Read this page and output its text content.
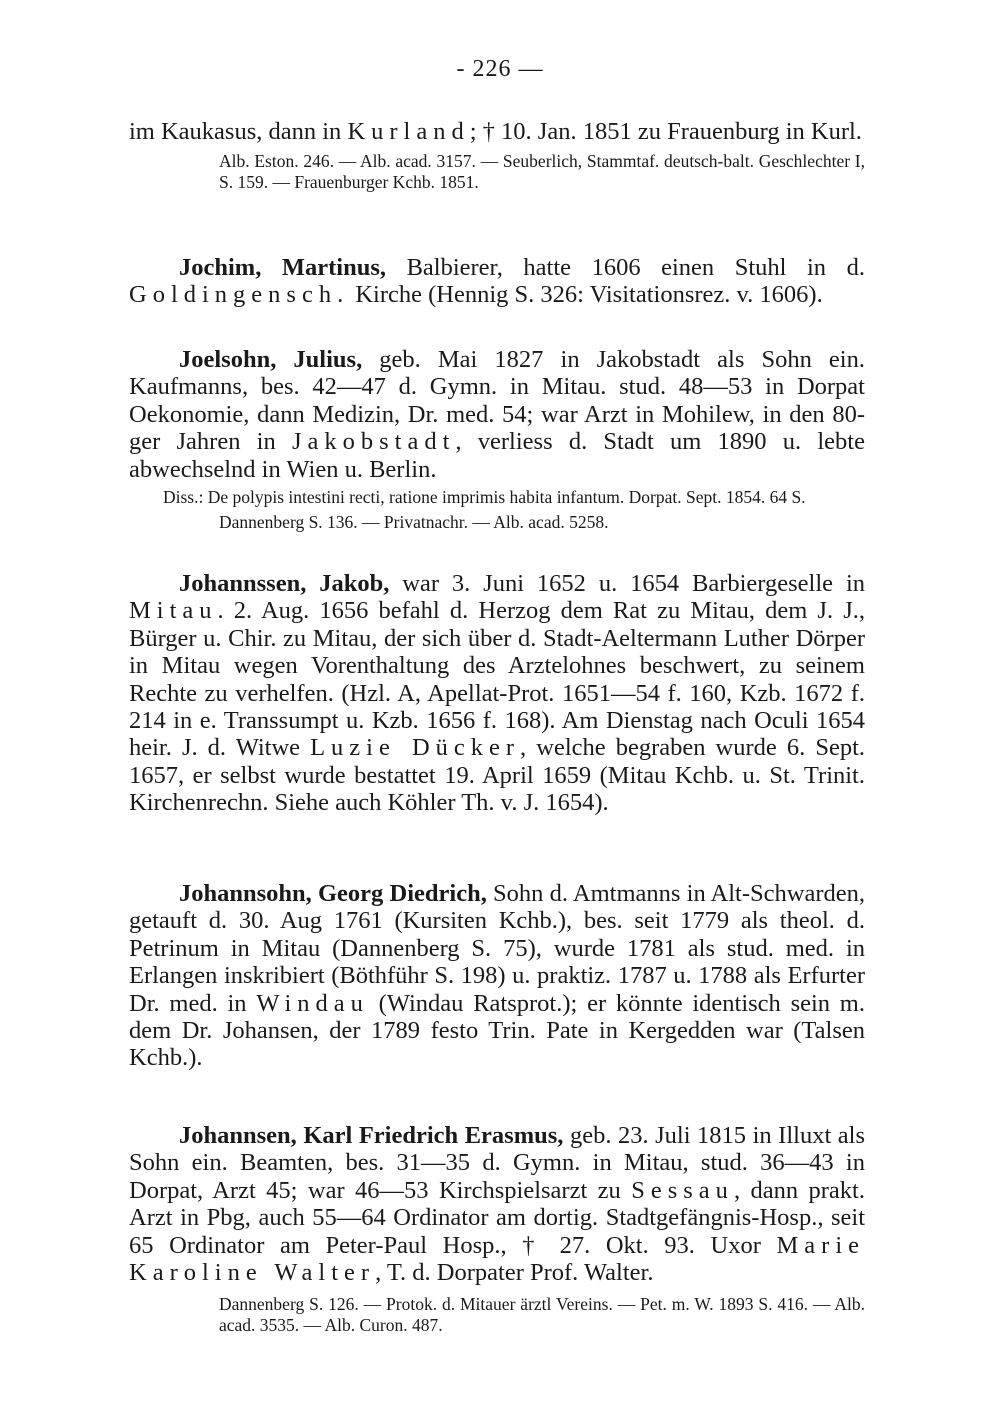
- 226 —

im Kaukasus, dann in Kurland; † 10. Jan. 1851 zu Frauenburg in Kurl.

Alb. Eston. 246. — Alb. acad. 3157. — Seuberlich, Stammtaf. deutsch-balt. Geschlechter I, S. 159. — Frauenburger Kchb. 1851.

Jochim, Martinus, Balbierer, hatte 1606 einen Stuhl in d. Goldingensch. Kirche (Hennig S. 326: Visitationsrez. v. 1606).

Joelsohn, Julius, geb. Mai 1827 in Jakobstadt als Sohn ein. Kaufmanns, bes. 42—47 d. Gymn. in Mitau. stud. 48—53 in Dorpat Oekonomie, dann Medizin, Dr. med. 54; war Arzt in Mohilew, in den 80-ger Jahren in Jakobstadt, verliess d. Stadt um 1890 u. lebte abwechselnd in Wien u. Berlin.

Diss.: De polypis intestini recti, ratione imprimis habita infantum. Dorpat. Sept. 1854. 64 S.

Dannenberg S. 136. — Privatnachr. — Alb. acad. 5258.

Johannssen, Jakob, war 3. Juni 1652 u. 1654 Barbiergeselle in Mitau. 2. Aug. 1656 befahl d. Herzog dem Rat zu Mitau, dem J. J., Bürger u. Chir. zu Mitau, der sich über d. Stadt-Aeltermann Luther Dörper in Mitau wegen Vorenthaltung des Arztelohnes beschwert, zu seinem Rechte zu verhelfen. (Hzl. A, Apellat-Prot. 1651—54 f. 160, Kzb. 1672 f. 214 in e. Transsumpt u. Kzb. 1656 f. 168). Am Dienstag nach Oculi 1654 heir. J. d. Witwe Luzie Dücker, welche begraben wurde 6. Sept. 1657, er selbst wurde bestattet 19. April 1659 (Mitau Kchb. u. St. Trinit. Kirchenrechn. Siehe auch Köhler Th. v. J. 1654).

Johannsohn, Georg Diedrich, Sohn d. Amtmanns in Alt-Schwarden, getauft d. 30. Aug 1761 (Kursiten Kchb.), bes. seit 1779 als theol. d. Petrinum in Mitau (Dannenberg S. 75), wurde 1781 als stud. med. in Erlangen inskribiert (Böthführ S. 198) u. praktiz. 1787 u. 1788 als Erfurter Dr. med. in Windau (Windau Ratsprot.); er könnte identisch sein m. dem Dr. Johansen, der 1789 festo Trin. Pate in Kergedden war (Talsen Kchb.).

Johannsen, Karl Friedrich Erasmus, geb. 23. Juli 1815 in Illuxt als Sohn ein. Beamten, bes. 31—35 d. Gymn. in Mitau, stud. 36—43 in Dorpat, Arzt 45; war 46—53 Kirchspielsarzt zu Sessau, dann prakt. Arzt in Pbg, auch 55—64 Ordinator am dortig. Stadtgefängnis-Hosp., seit 65 Ordinator am Peter-Paul Hosp., † 27. Okt. 93. Uxor Marie Karoline Walter, T. d. Dorpater Prof. Walter.

Dannenberg S. 126. — Protok. d. Mitauer ärztl Vereins. — Pet. m. W. 1893 S. 416. — Alb. acad. 3535. — Alb. Curon. 487.
